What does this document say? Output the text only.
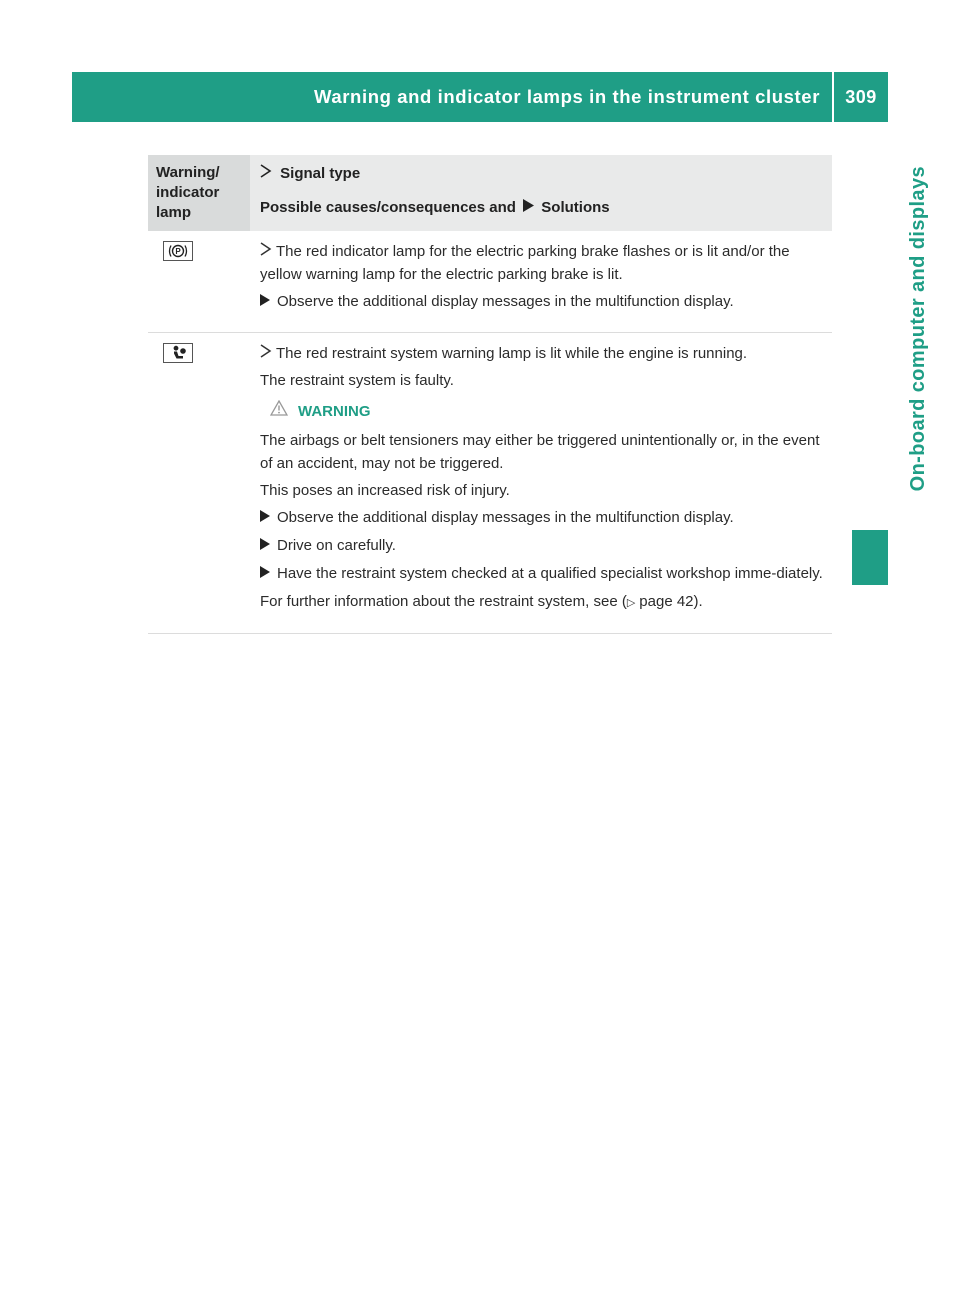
Warning and indicator lamps in the instrument cluster	309
On-board computer and displays
Warning/
indicator
lamp
Signal type
Possible causes/consequences and Solutions
P	The red indicator lamp for the electric parking brake flashes or is lit and/or the yellow warning lamp for the electric parking brake is lit.

Observe the additional display messages in the multifunction display.

The red restraint system warning lamp is lit while the engine is running.

The restraint system is faulty.

WARNING

The airbags or belt tensioners may either be triggered unintentionally or, in the event of an accident, may not be triggered.

This poses an increased risk of injury.

Observe the additional display messages in the multifunction display.
Drive on carefully.
Have the restraint system checked at a qualified specialist workshop imme-diately.

For further information about the restraint system, see (▷ page 42).
